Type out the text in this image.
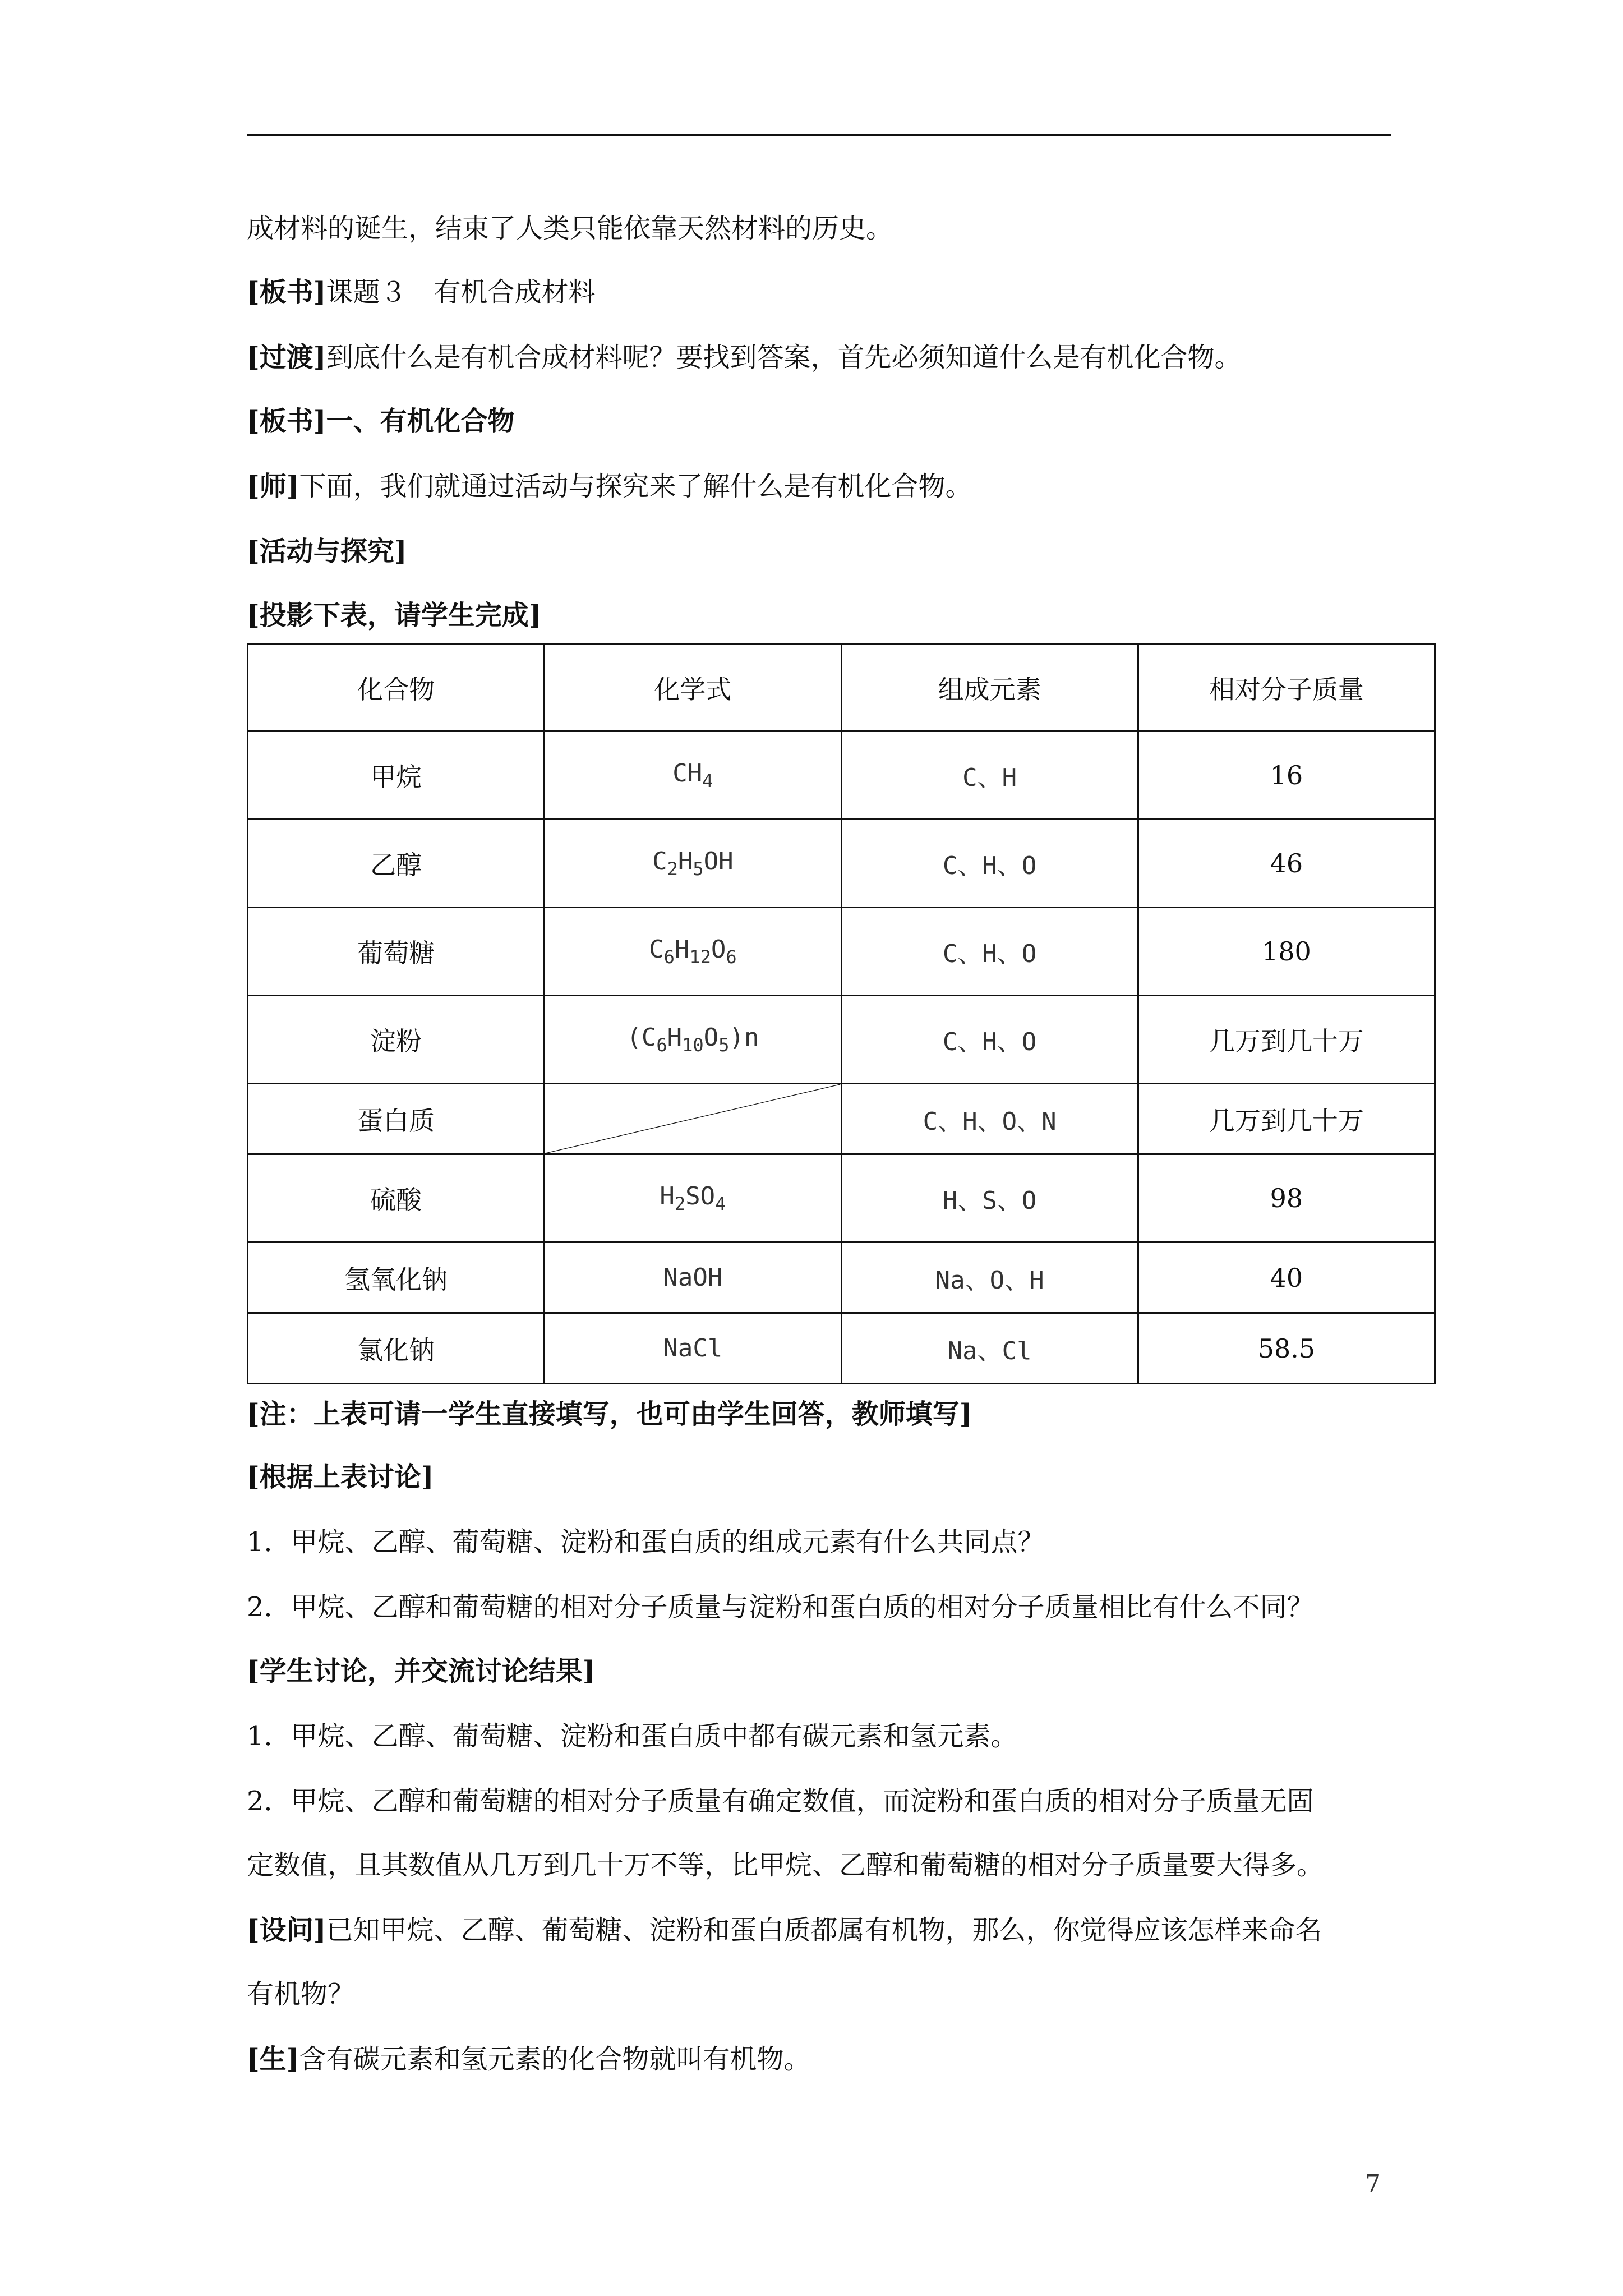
成材料的诞生，结束了人类只能依靠天然材料的历史。
[板书]课题３　有机合成材料
[过渡]到底什么是有机合成材料呢？要找到答案，首先必须知道什么是有机化合物。
[板书]一、有机化合物
[师]下面，我们就通过活动与探究来了解什么是有机化合物。
[活动与探究]
[投影下表，请学生完成]
化合物	化学式	组成元素	相对分子质量
甲烷	$CH_4$	C、H	16
乙醇	$C_2H_5OH$	C、H、O	46
葡萄糖	$C_6H_{12}O_6$	C、H、O	180
淀粉	$(C_6H_{10}O_5)n$	C、H、O	几万到几十万
蛋白质		C、H、O、N	几万到几十万
硫酸	$H_2SO_4$	H、S、O	98
氢氧化钠	NaOH	Na、O、H	40
氯化钠	NaCl	Na、Cl	58.5
[注：上表可请一学生直接填写，也可由学生回答，教师填写]
[根据上表讨论]
1．甲烷、乙醇、葡萄糖、淀粉和蛋白质的组成元素有什么共同点？
2．甲烷、乙醇和葡萄糖的相对分子质量与淀粉和蛋白质的相对分子质量相比有什么不同？
[学生讨论，并交流讨论结果]
1．甲烷、乙醇、葡萄糖、淀粉和蛋白质中都有碳元素和氢元素。
2．甲烷、乙醇和葡萄糖的相对分子质量有确定数值，而淀粉和蛋白质的相对分子质量无固
定数值，且其数值从几万到几十万不等，比甲烷、乙醇和葡萄糖的相对分子质量要大得多。
[设问]已知甲烷、乙醇、葡萄糖、淀粉和蛋白质都属有机物，那么，你觉得应该怎样来命名
有机物？
[生]含有碳元素和氢元素的化合物就叫有机物。
7
